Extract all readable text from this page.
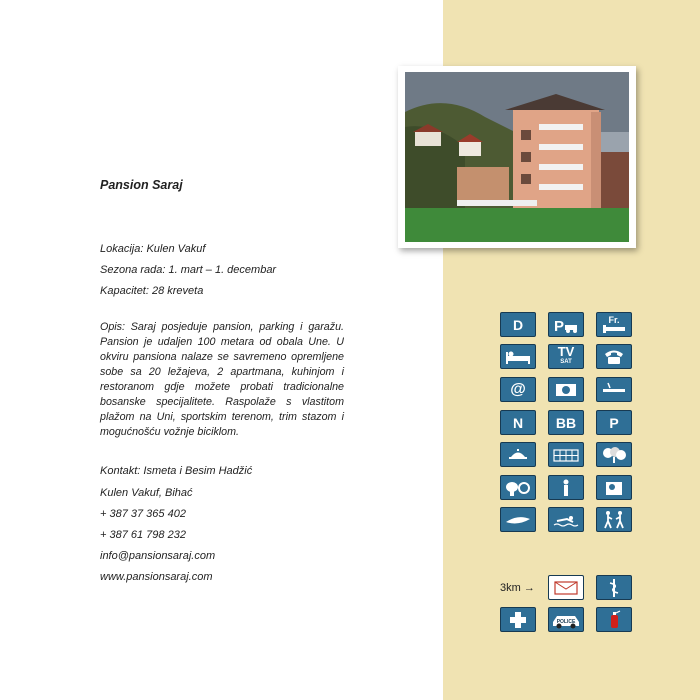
Pansion Saraj
Lokacija: Kulen Vakuf
Sezona rada: 1. mart – 1. decembar
Kapacitet: 28 kreveta

Opis: Saraj posjeduje pansion, parking i garažu. Pansion je udaljen 100 metara od obala Une. U okviru pansiona nalaze se savremeno opremljene sobe sa 20 ležajeva, 2 apartmana, kuhinjom i restoranom gdje možete probati tradicionalne bosanske specijalitete. Raspolaže s vlastitom plažom na Uni, sportskim terenom, trim stazom i mogućnošću vožnje biciklom.

Kontakt: Ismeta i Besim Hadžić
Kulen Vakuf, Bihać
+ 387 37 365 402
+ 387 61 798 232
info@pansionsaraj.com
www.pansionsaraj.com
D P	Fr.
TV
SAT
@
N BB P
3km →
POLICE
